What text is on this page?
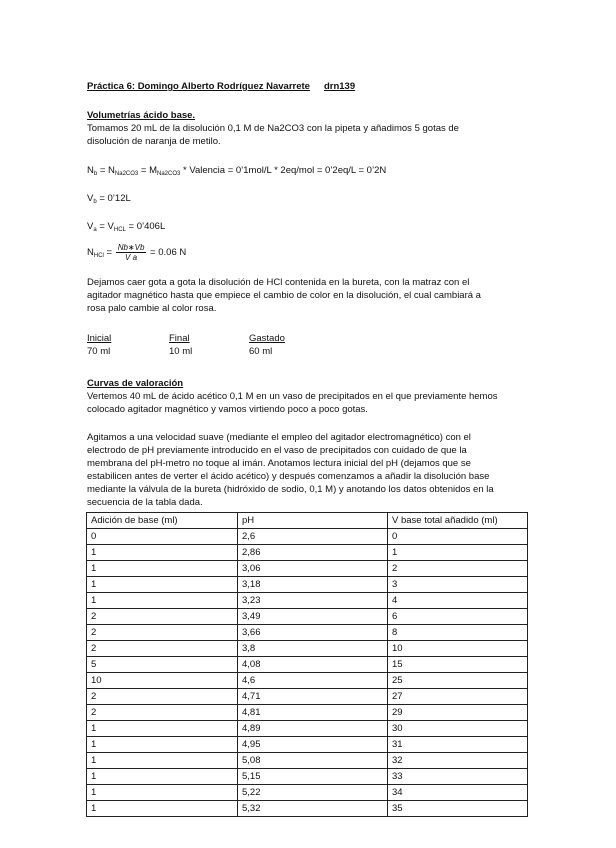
Práctica 6: Domingo Alberto Rodríguez Navarrete drn139
Volumetrías ácido base.
Tomamos 20 mL de la disolución 0,1 M de Na2CO3 con la pipeta y añadimos 5 gotas de
disolución de naranja de metilo.
$N_b = N_{Na2CO3} = M_{Na2CO3}$ * Valencia = 0’1mol/L * 2eq/mol = 0’2eq/L = 0’2N
$V_b$ = 0’12L
$V_a = V_{HCL}$ = 0’406L
$N_{HCl} = \frac{Nb∗Vb}{\text{V a}} = 0.06$ N
Dejamos caer gota a gota la disolución de HCl contenida en la bureta, con la matraz con el
agitador magnético hasta que empiece el cambio de color en la disolución, el cual cambiará a
rosa palo cambie al color rosa.
Inicial	Final	Gastado
70 ml	10 ml	60 ml
Curvas de valoración
Vertemos 40 mL de ácido acético 0,1 M en un vaso de precipitados en el que previamente hemos
colocado agitador magnético y vamos virtiendo poco a poco gotas.
Agitamos a una velocidad suave (mediante el empleo del agitador electromagnético) con el
electrodo de pH previamente introducido en el vaso de precipitados con cuidado de que la
membrana del pH-metro no toque al imán. Anotamos lectura inicial del pH (dejamos que se
estabilicen antes de verter el ácido acético) y después comenzamos a añadir la disolución base
mediante la válvula de la bureta (hidróxido de sodio, 0,1 M) y anotando los datos obtenidos en la
secuencia de la tabla dada.
Adición de base (ml)	pH	V base total añadido (ml)
0	2,6	0
1	2,86	1
1	3,06	2
1	3,18	3
1	3,23	4
2	3,49	6
2	3,66	8
2	3,8	10
5	4,08	15
10	4,6	25
2	4,71	27
2	4,81	29
1	4,89	30
1	4,95	31
1	5,08	32
1	5,15	33
1	5,22	34
1	5,32	35
